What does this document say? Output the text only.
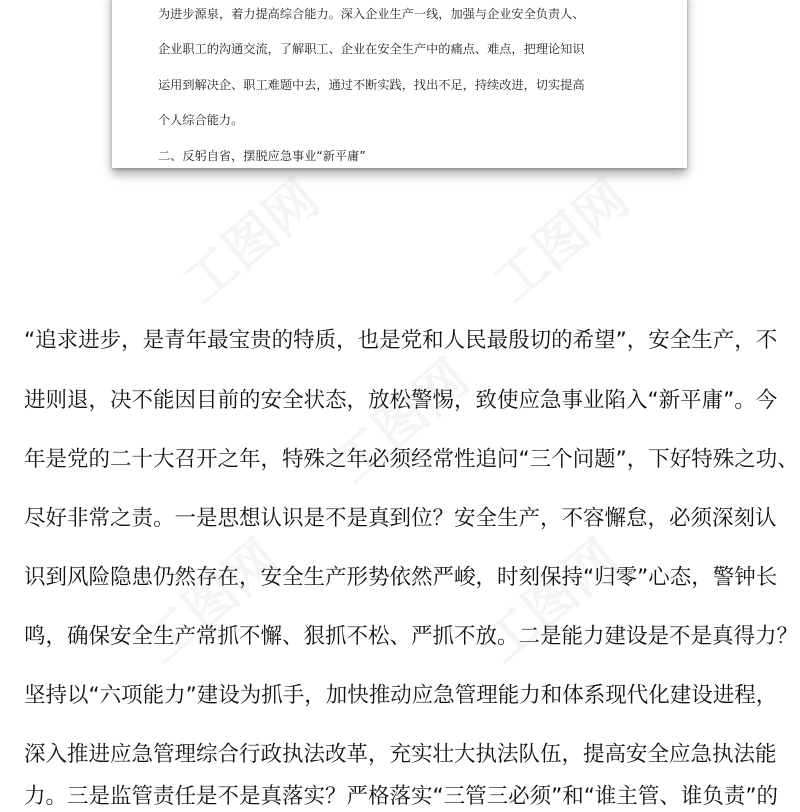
为进步源泉，着力提高综合能力。深入企业生产一线，加强与企业安全负责人、
企业职工的沟通交流，了解职工、企业在安全生产中的痛点、难点，把理论知识
运用到解决企、职工难题中去，通过不断实践，找出不足，持续改进，切实提高
个人综合能力。
二、反躬自省，摆脱应急事业“新平庸”
“追求进步，是青年最宝贵的特质，也是党和人民最殷切的希望”，安全生产，不
进则退，决不能因目前的安全状态，放松警惕，致使应急事业陷入“新平庸”。今
年是党的二十大召开之年，特殊之年必须经常性追问“三个问题”，下好特殊之功、
尽好非常之责。一是思想认识是不是真到位？安全生产，不容懈怠，必须深刻认
识到风险隐患仍然存在，安全生产形势依然严峻，时刻保持“归零”心态，警钟长
鸣，确保安全生产常抓不懈、狠抓不松、严抓不放。二是能力建设是不是真得力？
坚持以“六项能力”建设为抓手，加快推动应急管理能力和体系现代化建设进程，
深入推进应急管理综合行政执法改革，充实壮大执法队伍，提高安全应急执法能
力。三是监管责任是不是真落实？严格落实“三管三必须”和“谁主管、谁负责”的
